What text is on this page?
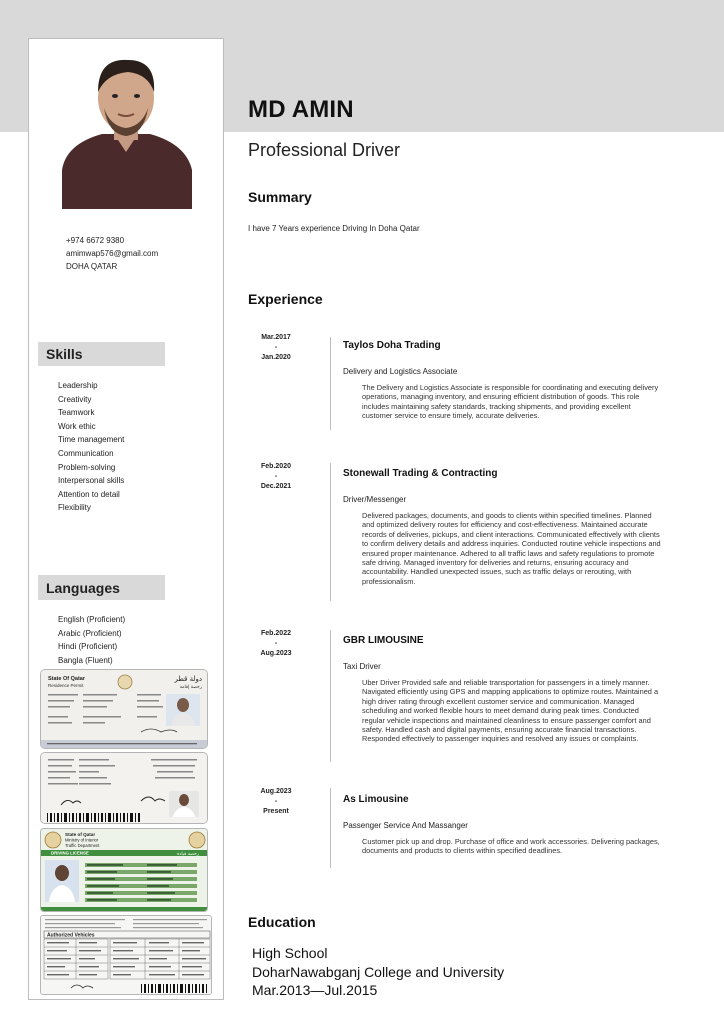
+974 6672 9380
amimwap576@gmail.com
DOHA QATAR
Skills
Leadership
Creativity
Teamwork
Work ethic
Time management
Communication
Problem-solving
Interpersonal skills
Attention to detail
Flexibility
Languages
English (Proficient)
Arabic (Proficient)
Hindi (Proficient)
Bangla (Fluent)
State Of Qatar
Residence Permit
دولة قطر
رخصة إقامة
State of Qatar
Ministry of Interior
Traffic Department
DRIVING LICENSE	رخصة قيادة
Authorized Vehicles
MD AMIN
Professional Driver
Summary
I have 7 Years experience Driving In Doha Qatar
Experience
Mar.2017
-
Jan.2020
Taylos Doha Trading
Delivery and Logistics Associate
The Delivery and Logistics Associate is responsible for coordinating and executing delivery operations, managing inventory, and ensuring efficient distribution of goods. This role includes maintaining safety standards, tracking shipments, and providing excellent customer service to ensure timely, accurate deliveries.
Feb.2020
-
Dec.2021
Stonewall Trading & Contracting
Driver/Messenger
Delivered packages, documents, and goods to clients within specified timelines. Planned and optimized delivery routes for efficiency and cost-effectiveness. Maintained accurate records of deliveries, pickups, and client interactions. Communicated effectively with clients to confirm delivery details and address inquiries. Conducted routine vehicle inspections and ensured proper maintenance. Adhered to all traffic laws and safety regulations to promote safe driving. Managed inventory for deliveries and returns, ensuring accuracy and accountability. Handled unexpected issues, such as traffic delays or rerouting, with professionalism.
Feb.2022
-
Aug.2023
GBR LIMOUSINE
Taxi Driver
Uber Driver Provided safe and reliable transportation for passengers in a timely manner. Navigated efficiently using GPS and mapping applications to optimize routes. Maintained a high driver rating through excellent customer service and communication. Managed scheduling and worked flexible hours to meet demand during peak times. Conducted regular vehicle inspections and maintained cleanliness to ensure passenger comfort and safety. Handled cash and digital payments, ensuring accurate financial transactions. Responded effectively to passenger inquiries and resolved any issues or complaints.
Aug.2023
-
Present
As Limousine
Passenger Service And Massanger
Customer pick up and drop. Purchase of office and work accessories. Delivering packages, documents and products to clients within specified deadlines.
Education
High School
DoharNawabganj College and University
Mar.2013—Jul.2015
